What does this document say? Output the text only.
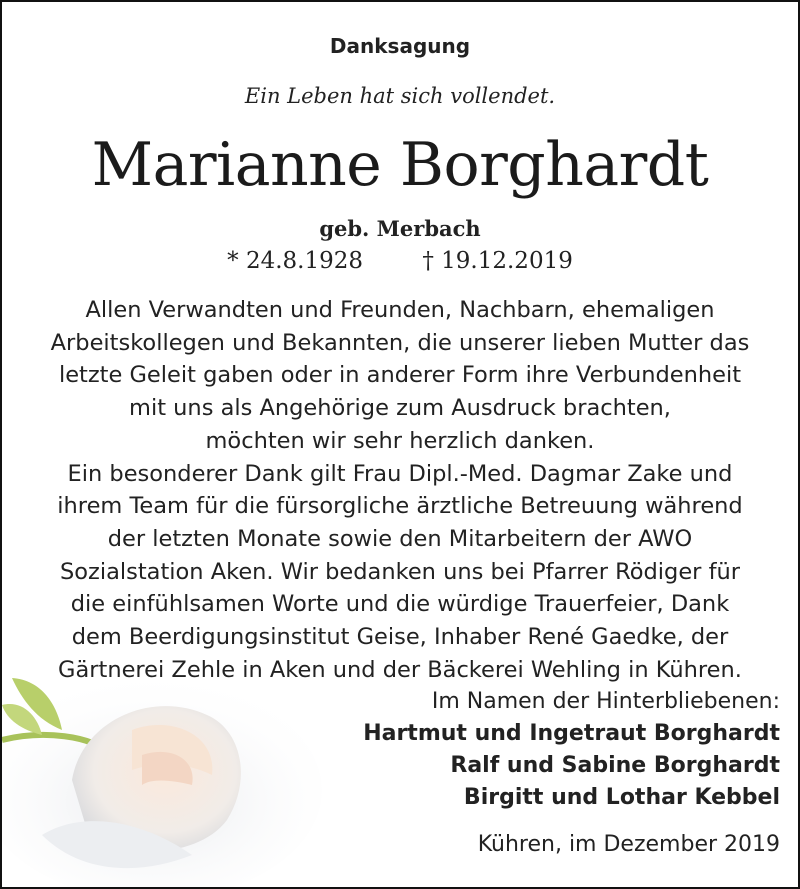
Danksagung
Ein Leben hat sich vollendet.
Marianne Borghardt
geb. Merbach
* 24.8.1928	† 19.12.2019
Allen Verwandten und Freunden, Nachbarn, ehemaligen
Arbeitskollegen und Bekannten, die unserer lieben Mutter das
letzte Geleit gaben oder in anderer Form ihre Verbundenheit
mit uns als Angehörige zum Ausdruck brachten,
möchten wir sehr herzlich danken.
Ein besonderer Dank gilt Frau Dipl.-Med. Dagmar Zake und
ihrem Team für die fürsorgliche ärztliche Betreuung während
der letzten Monate sowie den Mitarbeitern der AWO
Sozialstation Aken. Wir bedanken uns bei Pfarrer Rödiger für
die einfühlsamen Worte und die würdige Trauerfeier, Dank
dem Beerdigungsinstitut Geise, Inhaber René Gaedke, der
Gärtnerei Zehle in Aken und der Bäckerei Wehling in Kühren.
Im Namen der Hinterbliebenen:
Hartmut und Ingetraut Borghardt
Ralf und Sabine Borghardt
Birgitt und Lothar Kebbel
Kühren, im Dezember 2019
